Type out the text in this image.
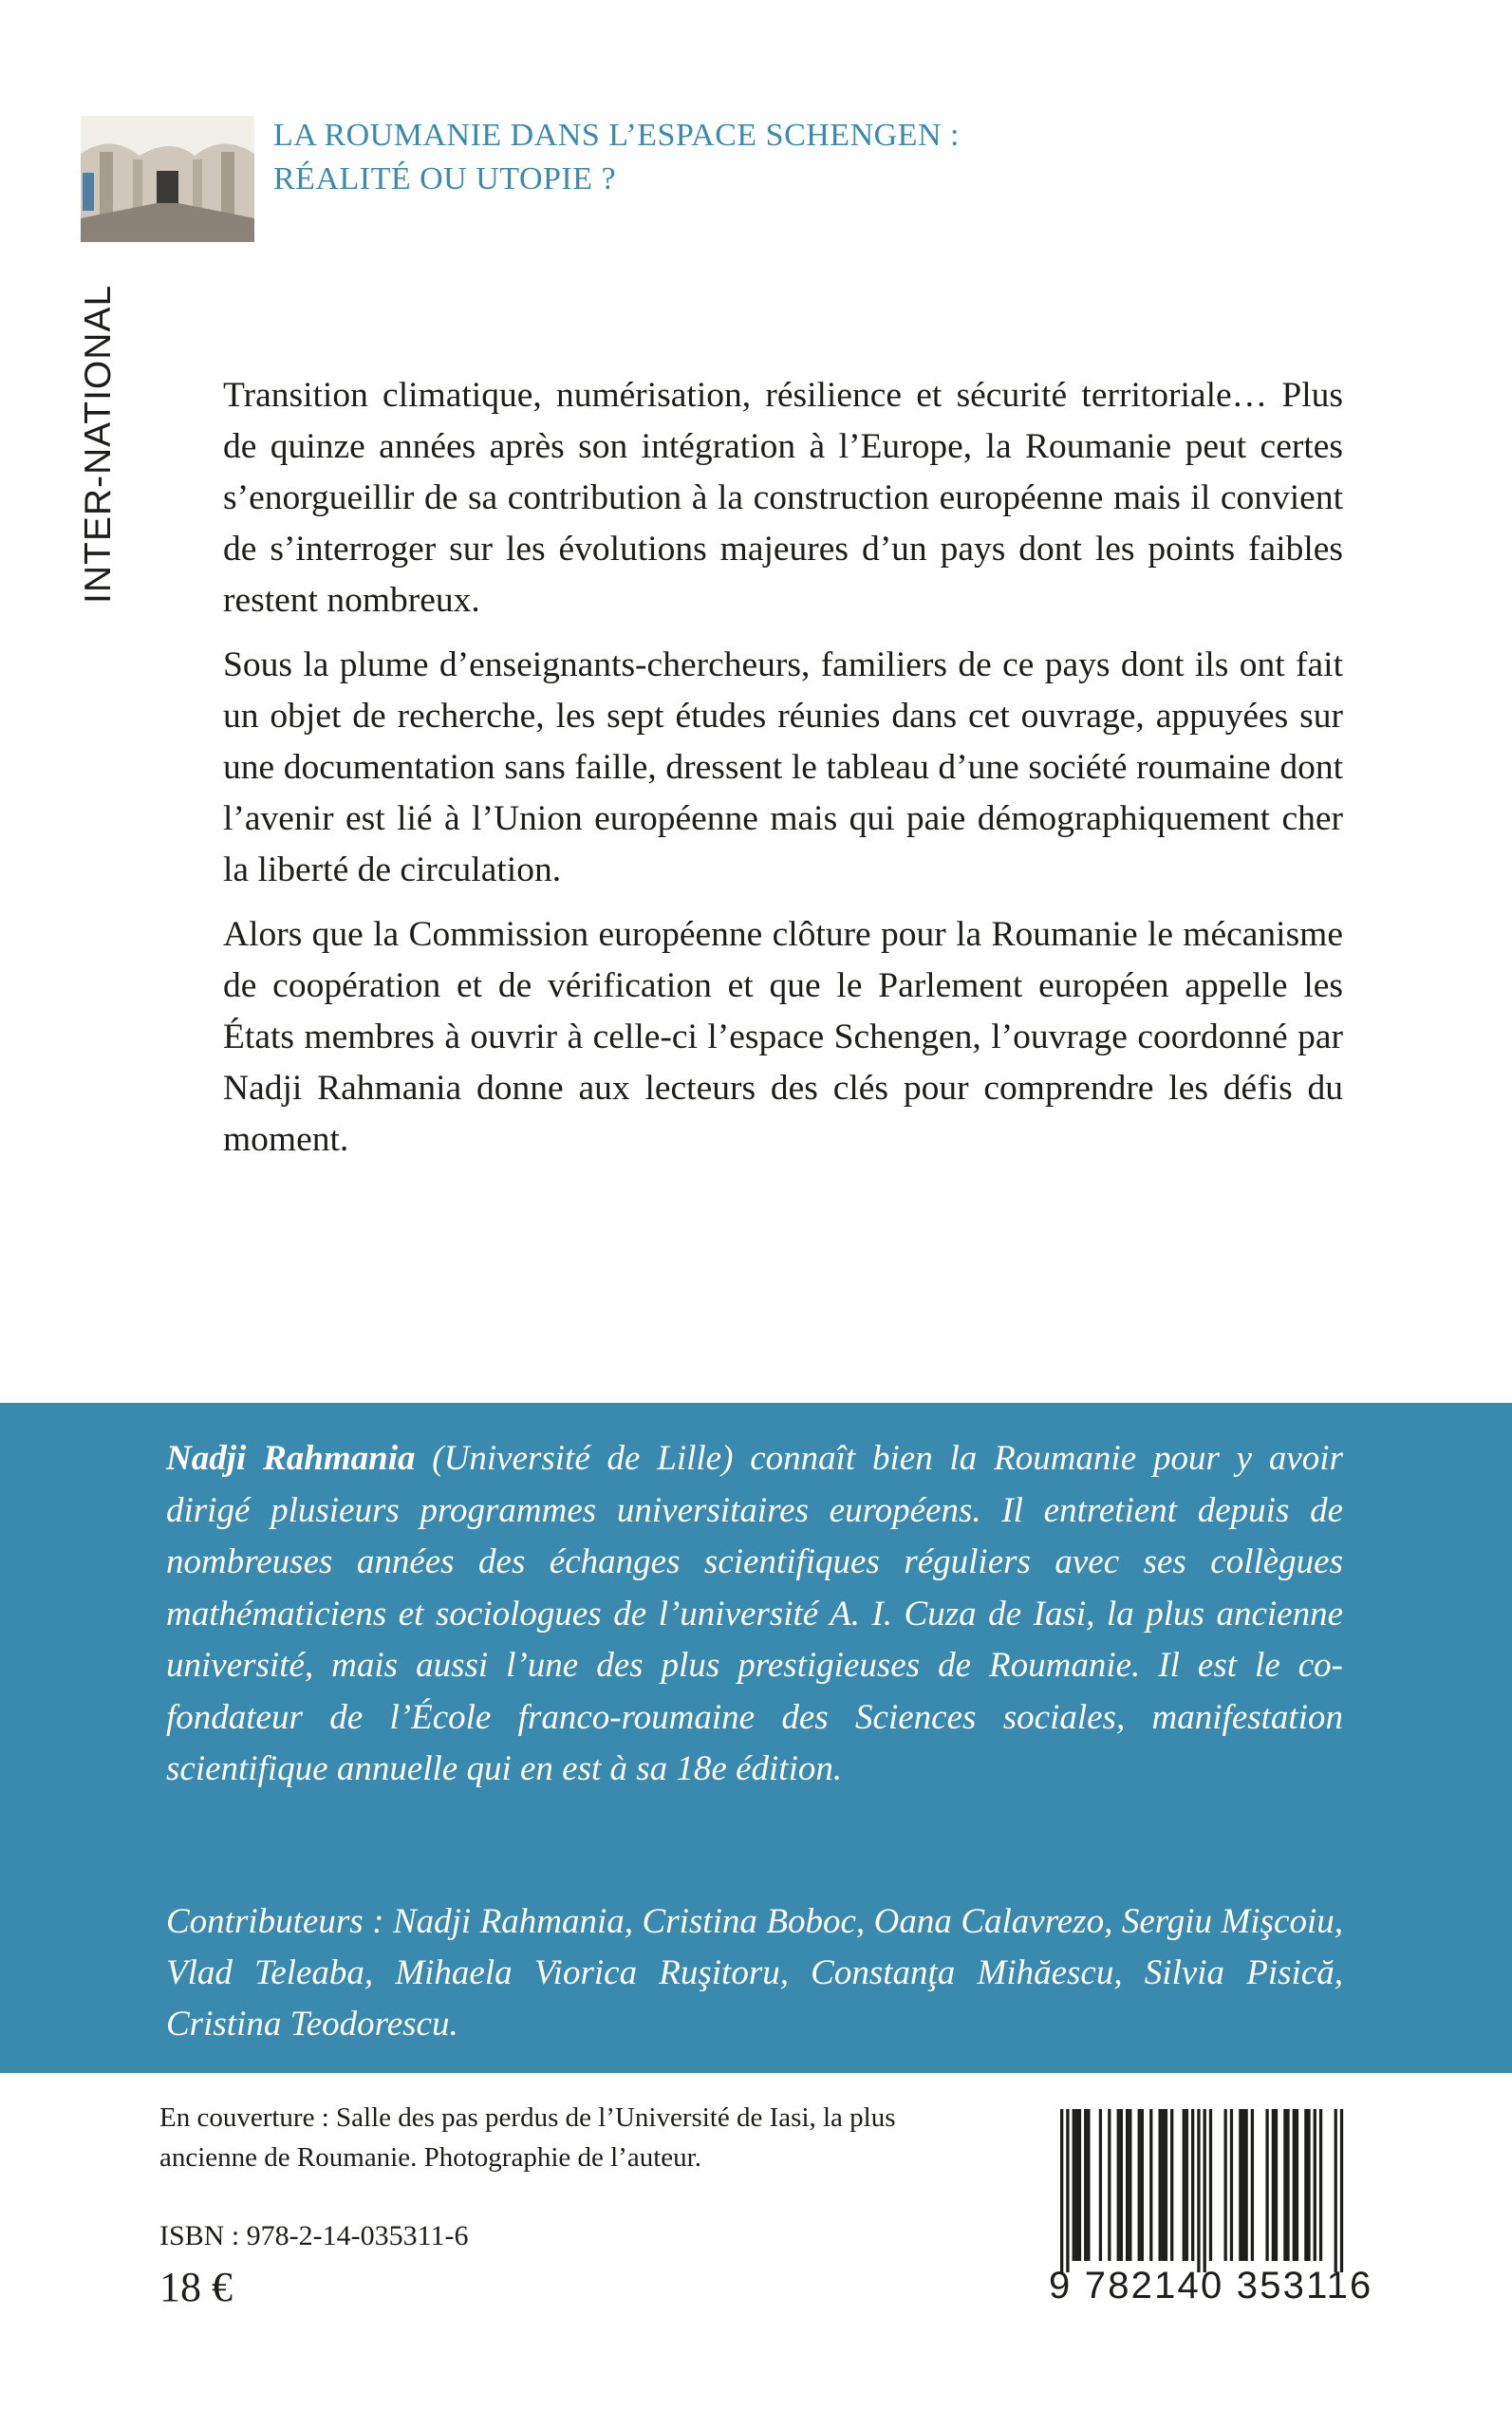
LA ROUMANIE DANS L’ESPACE SCHENGEN :
RÉALITÉ OU UTOPIE ?
INTER-NATIONAL	Transition climatique, numérisation, résilience et sécurité territoriale… Plus de quinze années après son intégration à l’Europe, la Roumanie peut certes s’enorgueillir de sa contribution à la construction européenne mais il convient de s’interroger sur les évolutions majeures d’un pays dont les points faibles restent nombreux.

Sous la plume d’enseignants-chercheurs, familiers de ce pays dont ils ont fait un objet de recherche, les sept études réunies dans cet ouvrage, appuyées sur une documentation sans faille, dressent le tableau d’une société roumaine dont l’avenir est lié à l’Union européenne mais qui paie démographiquement cher la liberté de circulation.

Alors que la Commission européenne clôture pour la Roumanie le mécanisme de coopération et de vérification et que le Parlement européen appelle les États membres à ouvrir à celle-ci l’espace Schengen, l’ouvrage coordonné par Nadji Rahmania donne aux lecteurs des clés pour comprendre les défis du moment.

Nadji Rahmania (Université de Lille) connaît bien la Roumanie pour y avoir dirigé plusieurs programmes universitaires européens. Il entretient depuis de nombreuses années des échanges scientifiques réguliers avec ses collègues mathématiciens et sociologues de l’université A. I. Cuza de Iasi, la plus ancienne université, mais aussi l’une des plus prestigieuses de Roumanie. Il est le co-fondateur de l’École franco-roumaine des Sciences sociales, manifestation scientifique annuelle qui en est à sa 18e édition.

Contributeurs : Nadji Rahmania, Cristina Boboc, Oana Calavrezo, Sergiu Mişcoiu, Vlad Teleaba, Mihaela Viorica Ruşitoru, Constanţa Mihăescu, Silvia Pisică, Cristina Teodorescu.

En couverture : Salle des pas perdus de l’Université de Iasi, la plus ancienne de Roumanie. Photographie de l’auteur.

ISBN : 978-2-14-035311-6
18 €	9 782140 353116
